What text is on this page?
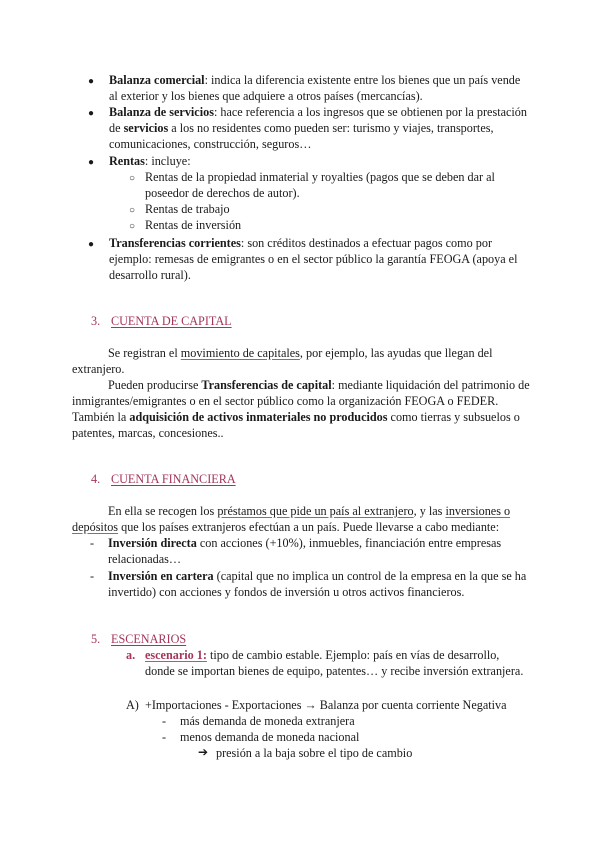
● Balanza comercial: indica la diferencia existente entre los bienes que un país vende
al exterior y los bienes que adquiere a otros países (mercancías).
● Balanza de servicios: hace referencia a los ingresos que se obtienen por la prestación
de servicios a los no residentes como pueden ser: turismo y viajes, transportes,
comunicaciones, construcción, seguros…
● Rentas: incluye:
○ Rentas de la propiedad inmaterial y royalties (pagos que se deben dar al
poseedor de derechos de autor).
○ Rentas de trabajo
○ Rentas de inversión
● Transferencias corrientes: son créditos destinados a efectuar pagos como por
ejemplo: remesas de emigrantes o en el sector público la garantía FEOGA (apoya el
desarrollo rural).
3. CUENTA DE CAPITAL
Se registran el movimiento de capitales, por ejemplo, las ayudas que llegan del
extranjero.
Pueden producirse Transferencias de capital: mediante liquidación del patrimonio de
inmigrantes/emigrantes o en el sector público como la organización FEOGA o FEDER.
También la adquisición de activos inmateriales no producidos como tierras y subsuelos o
patentes, marcas, concesiones..
4. CUENTA FINANCIERA
En ella se recogen los préstamos que pide un país al extranjero, y las inversiones o
depósitos que los países extranjeros efectúan a un país. Puede llevarse a cabo mediante:
- Inversión directa con acciones (+10%), inmuebles, financiación entre empresas
relacionadas…
- Inversión en cartera (capital que no implica un control de la empresa en la que se ha
invertido) con acciones y fondos de inversión u otros activos financieros.
5. ESCENARIOS
a. escenario 1: tipo de cambio estable. Ejemplo: país en vías de desarrollo,
donde se importan bienes de equipo, patentes… y recibe inversión extranjera.
A) +Importaciones - Exportaciones → Balanza por cuenta corriente Negativa
- más demanda de moneda extranjera
- menos demanda de moneda nacional
➔ presión a la baja sobre el tipo de cambio
